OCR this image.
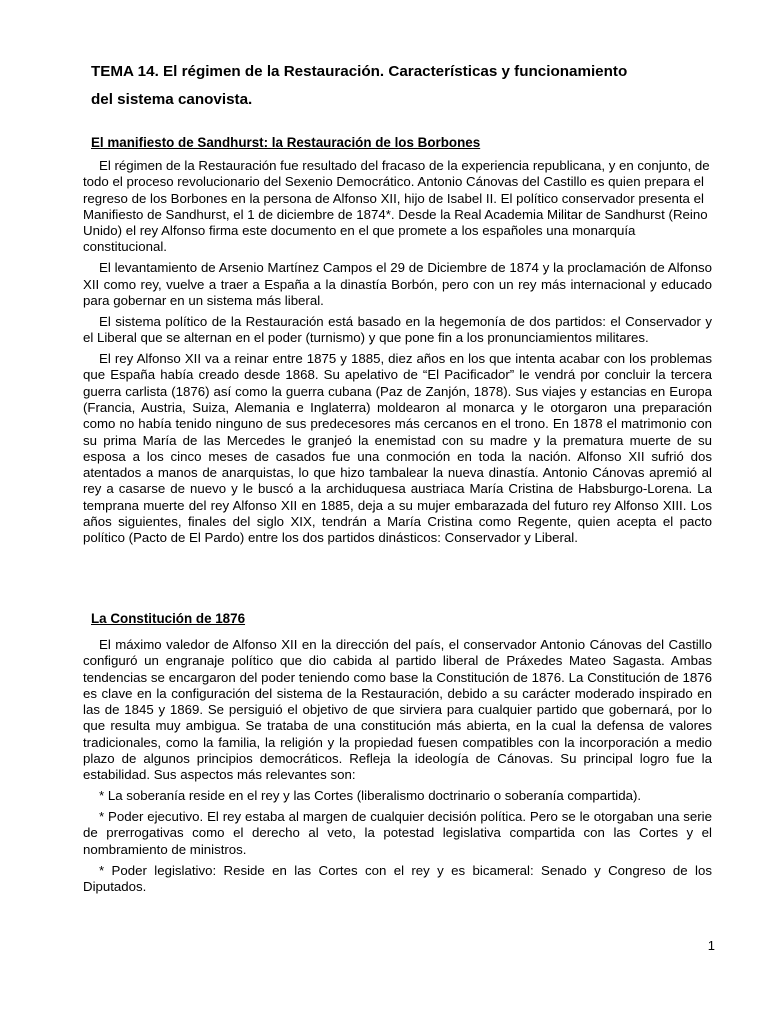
TEMA 14. El régimen de la Restauración. Características y funcionamiento
del sistema canovista.
El manifiesto de Sandhurst: la Restauración de los Borbones

El régimen de la Restauración fue resultado del fracaso de la experiencia republicana, y en conjunto, de todo el proceso revolucionario del Sexenio Democrático. Antonio Cánovas del Castillo es quien prepara el regreso de los Borbones en la persona de Alfonso XII, hijo de Isabel II. El político conservador presenta el Manifiesto de Sandhurst, el 1 de diciembre de 1874*. Desde la Real Academia Militar de Sandhurst (Reino Unido) el rey Alfonso firma este documento en el que promete a los españoles una monarquía constitucional.

El levantamiento de Arsenio Martínez Campos el 29 de Diciembre de 1874 y la proclamación de Alfonso XII como rey, vuelve a traer a España a la dinastía Borbón, pero con un rey más internacional y educado para gobernar en un sistema más liberal.

El sistema político de la Restauración está basado en la hegemonía de dos partidos: el Conservador y el Liberal que se alternan en el poder (turnismo) y que pone fin a los pronunciamientos militares.

El rey Alfonso XII va a reinar entre 1875 y 1885, diez años en los que intenta acabar con los problemas que España había creado desde 1868. Su apelativo de “El Pacificador” le vendrá por concluir la tercera guerra carlista (1876) así como la guerra cubana (Paz de Zanjón, 1878). Sus viajes y estancias en Europa (Francia, Austria, Suiza, Alemania e Inglaterra) moldearon al monarca y le otorgaron una preparación como no había tenido ninguno de sus predecesores más cercanos en el trono. En 1878 el matrimonio con su prima María de las Mercedes le granjeó la enemistad con su madre y la prematura muerte de su esposa a los cinco meses de casados fue una conmoción en toda la nación. Alfonso XII sufrió dos atentados a manos de anarquistas, lo que hizo tambalear la nueva dinastía. Antonio Cánovas apremió al rey a casarse de nuevo y le buscó a la archiduquesa austriaca María Cristina de Habsburgo-Lorena. La temprana muerte del rey Alfonso XII en 1885, deja a su mujer embarazada del futuro rey Alfonso XIII. Los años siguientes, finales del siglo XIX, tendrán a María Cristina como Regente, quien acepta el pacto político (Pacto de El Pardo) entre los dos partidos dinásticos: Conservador y Liberal.

La Constitución de 1876

El máximo valedor de Alfonso XII en la dirección del país, el conservador Antonio Cánovas del Castillo configuró un engranaje político que dio cabida al partido liberal de Práxedes Mateo Sagasta. Ambas tendencias se encargaron del poder teniendo como base la Constitución de 1876. La Constitución de 1876 es clave en la configuración del sistema de la Restauración, debido a su carácter moderado inspirado en las de 1845 y 1869. Se persiguió el objetivo de que sirviera para cualquier partido que gobernará, por lo que resulta muy ambigua. Se trataba de una constitución más abierta, en la cual la defensa de valores tradicionales, como la familia, la religión y la propiedad fuesen compatibles con la incorporación a medio plazo de algunos principios democráticos. Refleja la ideología de Cánovas. Su principal logro fue la estabilidad. Sus aspectos más relevantes son:

* La soberanía reside en el rey y las Cortes (liberalismo doctrinario o soberanía compartida).

* Poder ejecutivo. El rey estaba al margen de cualquier decisión política. Pero se le otorgaban una serie de prerrogativas como el derecho al veto, la potestad legislativa compartida con las Cortes y el nombramiento de ministros.

* Poder legislativo: Reside en las Cortes con el rey y es bicameral: Senado y Congreso de los Diputados.

1
